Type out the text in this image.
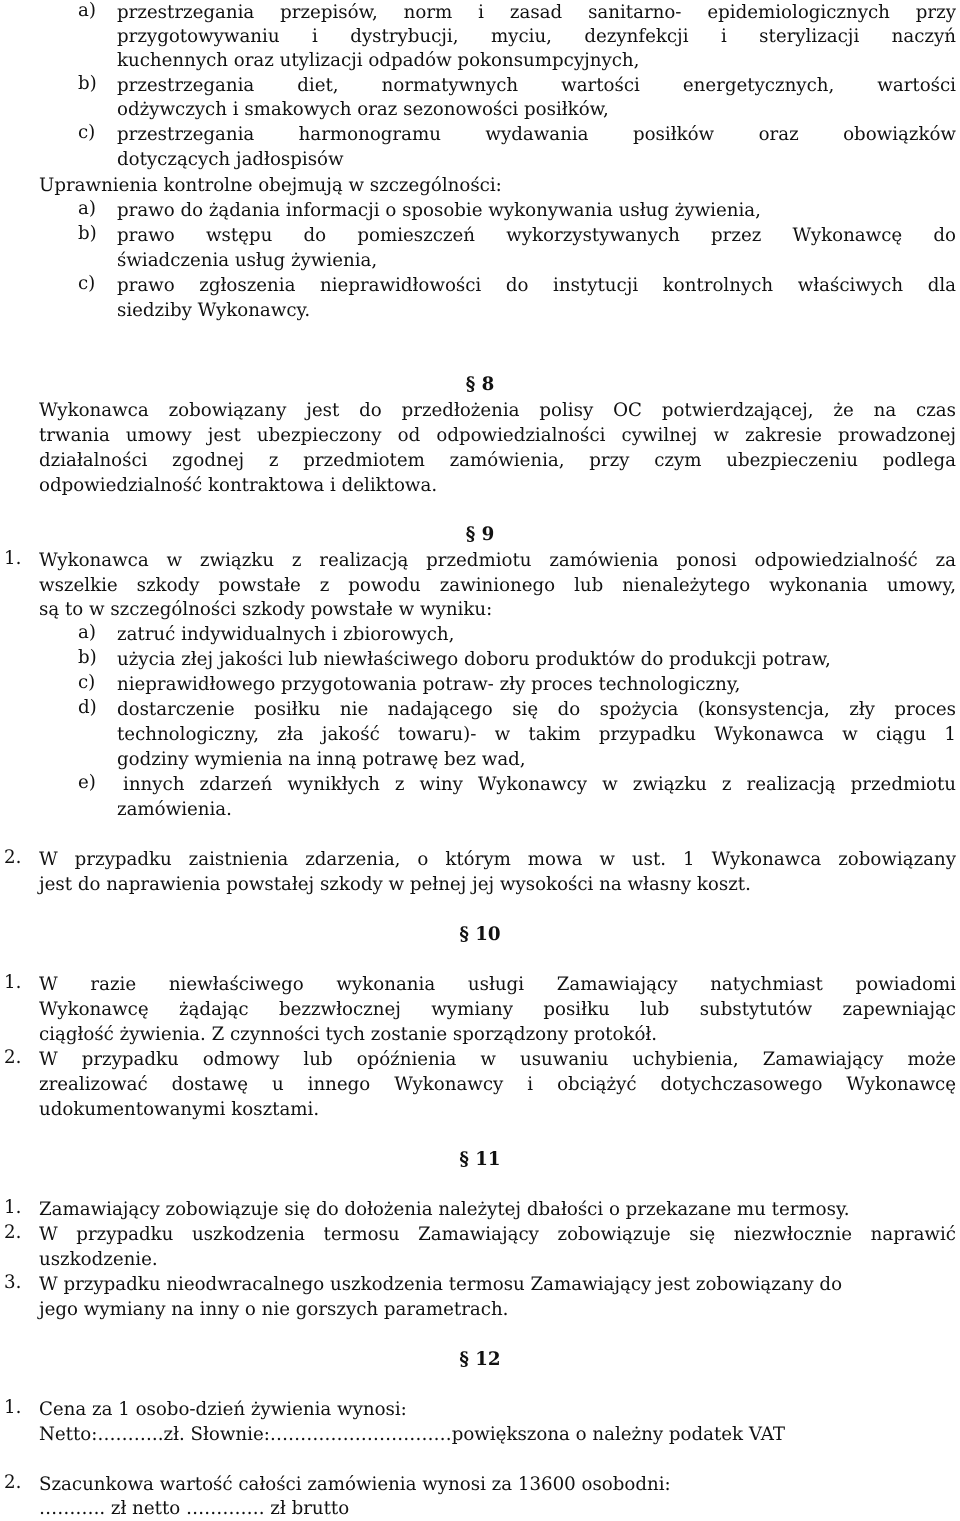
a) przestrzegania przepisów, norm i zasad sanitarno- epidemiologicznych przy
przygotowywaniu i dystrybucji, myciu, dezynfekcji i sterylizacji naczyń
kuchennych oraz utylizacji odpadów pokonsumpcyjnych,
b) przestrzegania diet, normatywnych wartości energetycznych, wartości
odżywczych i smakowych oraz sezonowości posiłków,
c) przestrzegania harmonogramu wydawania posiłków oraz obowiązków
dotyczących jadłospisów
Uprawnienia kontrolne obejmują w szczególności:
a) prawo do żądania informacji o sposobie wykonywania usług żywienia,
b) prawo wstępu do pomieszczeń wykorzystywanych przez Wykonawcę do
świadczenia usług żywienia,
c) prawo zgłoszenia nieprawidłowości do instytucji kontrolnych właściwych dla
siedziby Wykonawcy.
§ 8
Wykonawca zobowiązany jest do przedłożenia polisy OC potwierdzającej, że na czas
trwania umowy jest ubezpieczony od odpowiedzialności cywilnej w zakresie prowadzonej
działalności zgodnej z przedmiotem zamówienia, przy czym ubezpieczeniu podlega
odpowiedzialność kontraktowa i deliktowa.
§ 9
1. Wykonawca w związku z realizacją przedmiotu zamówienia ponosi odpowiedzialność za
wszelkie szkody powstałe z powodu zawinionego lub nienależytego wykonania umowy,
są to w szczególności szkody powstałe w wyniku:
a) zatruć indywidualnych i zbiorowych,
b) użycia złej jakości lub niewłaściwego doboru produktów do produkcji potraw,
c) nieprawidłowego przygotowania potraw- zły proces technologiczny,
d) dostarczenie posiłku nie nadającego się do spożycia (konsystencja, zły proces
technologiczny, zła jakość towaru)- w takim przypadku Wykonawca w ciągu 1
godziny wymienia na inną potrawę bez wad,
e) innych zdarzeń wynikłych z winy Wykonawcy w związku z realizacją przedmiotu
zamówienia.
2. W przypadku zaistnienia zdarzenia, o którym mowa w ust. 1 Wykonawca zobowiązany
jest do naprawienia powstałej szkody w pełnej jej wysokości na własny koszt.
§ 10
1. W razie niewłaściwego wykonania usługi Zamawiający natychmiast powiadomi
Wykonawcę żądając bezzwłocznej wymiany posiłku lub substytutów zapewniając
ciągłość żywienia. Z czynności tych zostanie sporządzony protokół.
2. W przypadku odmowy lub opóźnienia w usuwaniu uchybienia, Zamawiający może
zrealizować dostawę u innego Wykonawcy i obciążyć dotychczasowego Wykonawcę
udokumentowanymi kosztami.
§ 11
1. Zamawiający zobowiązuje się do dołożenia należytej dbałości o przekazane mu termosy.
2. W przypadku uszkodzenia termosu Zamawiający zobowiązuje się niezwłocznie naprawić
uszkodzenie.
3. W przypadku nieodwracalnego uszkodzenia termosu Zamawiający jest zobowiązany do
jego wymiany na inny o nie gorszych parametrach.
§ 12
1. Cena za 1 osobo-dzień żywienia wynosi:
Netto:………..zł. Słownie:…………………………powiększona o należny podatek VAT
2. Szacunkowa wartość całości zamówienia wynosi za 13600 osobodni:
……….. zł netto …………. zł brutto
